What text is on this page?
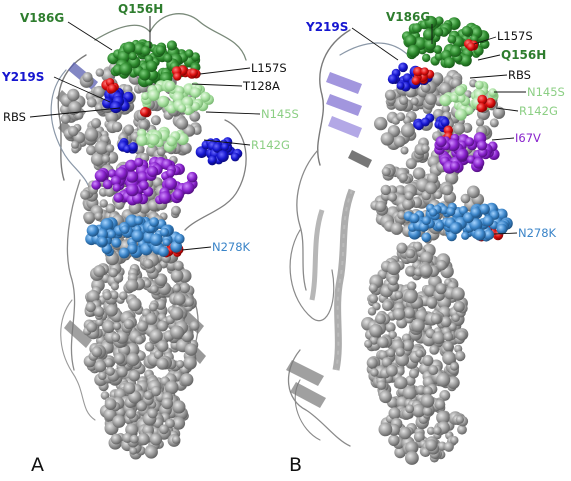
V186G
Q156H
Y219S
L157S
T128A
RBS	N145S
R142G
N278K
A
Y219S
V186G
L157S
Q156H
RBS
N145S
R142G
I67V
N278K
B
